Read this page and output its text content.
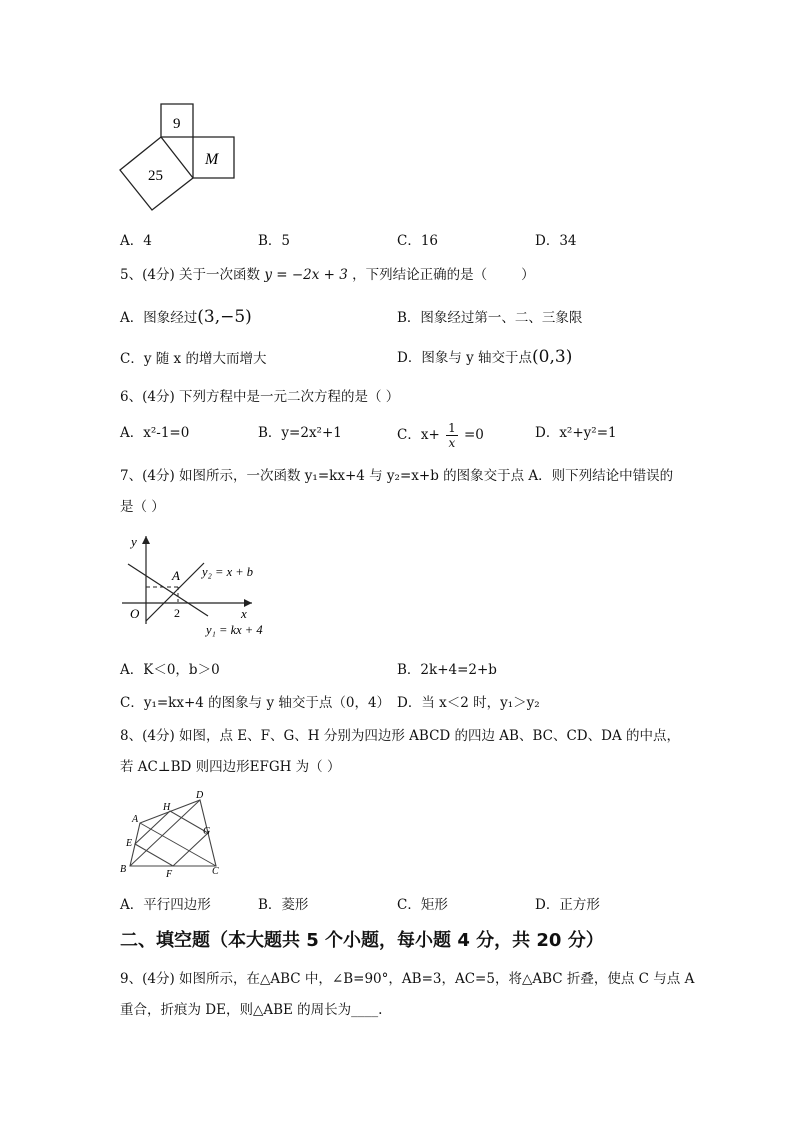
9
25
M
A．4	B．5	C．16	D．34
5、(4分) 关于一次函数 y = −2x + 3 ，下列结论正确的是（	）
A．图象经过(3,−5)	B．图象经过第一、二、三象限
C．y 随 x 的增大而增大	D．图象与 y 轴交于点(0,3)
6、(4分) 下列方程中是一元二次方程的是（ ）
A．x²-1=0	B．y=2x²+1	C．$x+ \frac{1}{x} =0$	D．x²+y²=1
7、(4分) 如图所示，一次函数 y₁=kx+4 与 y₂=x+b 的图象交于点 A．则下列结论中错误的
是（ ）
y
x
O
A
2
y₂ = x + b
y₁ = kx + 4
A．K＜0，b＞0	B．2k+4=2+b
C．y₁=kx+4 的图象与 y 轴交于点（0，4） D．当 x＜2 时，y₁＞y₂
8、(4分) 如图，点 E、F、G、H 分别为四边形 ABCD 的四边 AB、BC、CD、DA 的中点，
若 AC⊥BD 则四边形EFGH 为（ ）
A
B	C
D
E
F
G
H
A．平行四边形	B．菱形	C．矩形	D．正方形
二、填空题（本大题共 5 个小题，每小题 4 分，共 20 分）
9、(4分) 如图所示，在△ABC 中，∠B=90°，AB=3，AC=5，将△ABC 折叠，使点 C 与点 A
重合，折痕为 DE，则△ABE 的周长为____.
